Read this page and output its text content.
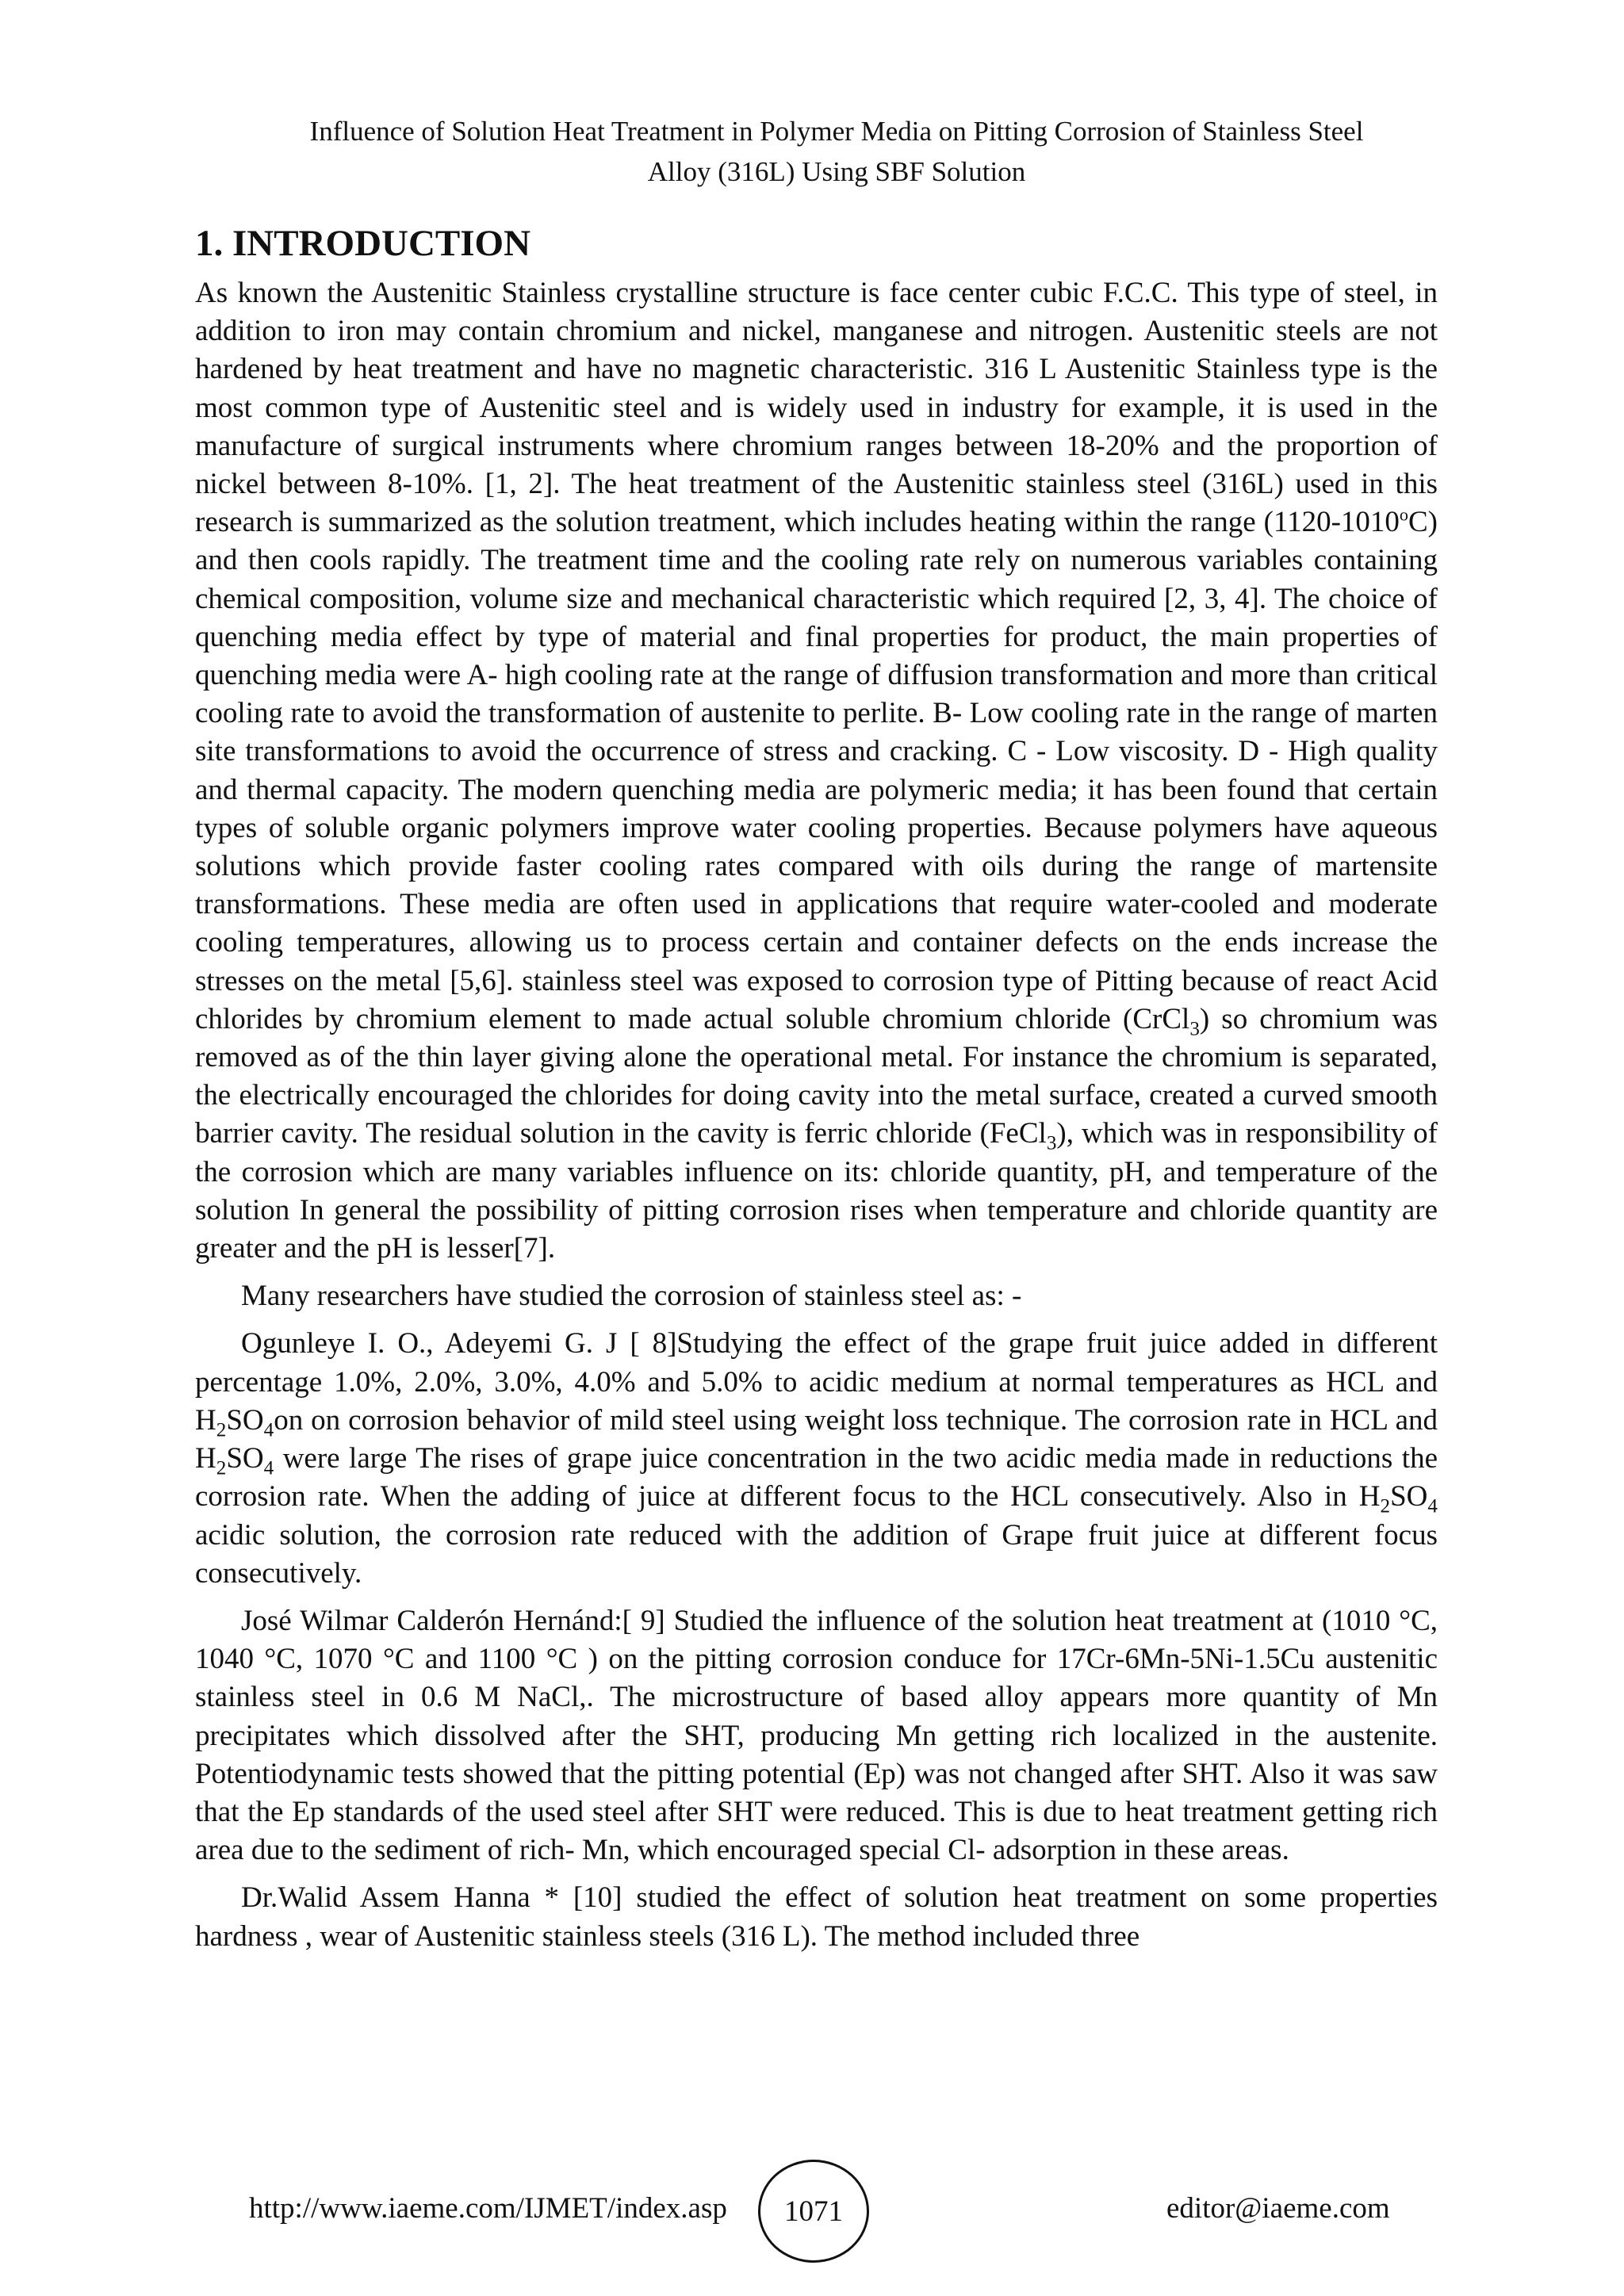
Influence of Solution Heat Treatment in Polymer Media on Pitting Corrosion of Stainless Steel
Alloy (316L) Using SBF Solution
1. INTRODUCTION

As known the Austenitic Stainless crystalline structure is face center cubic F.C.C. This type of steel, in addition to iron may contain chromium and nickel, manganese and nitrogen. Austenitic steels are not hardened by heat treatment and have no magnetic characteristic. 316 L Austenitic Stainless type is the most common type of Austenitic steel and is widely used in industry for example, it is used in the manufacture of surgical instruments where chromium ranges between 18-20% and the proportion of nickel between 8-10%. [1, 2]. The heat treatment of the Austenitic stainless steel (316L) used in this research is summarized as the solution treatment, which includes heating within the range (1120-1010$^o$C) and then cools rapidly. The treatment time and the cooling rate rely on numerous variables containing chemical composition, volume size and mechanical characteristic which required [2, 3, 4]. The choice of quenching media effect by type of material and final properties for product, the main properties of quenching media were A- high cooling rate at the range of diffusion transformation and more than critical cooling rate to avoid the transformation of austenite to perlite. B- Low cooling rate in the range of marten site transformations to avoid the occurrence of stress and cracking. C - Low viscosity. D - High quality and thermal capacity. The modern quenching media are polymeric media; it has been found that certain types of soluble organic polymers improve water cooling properties. Because polymers have aqueous solutions which provide faster cooling rates compared with oils during the range of martensite transformations. These media are often used in applications that require water-cooled and moderate cooling temperatures, allowing us to process certain and container defects on the ends increase the stresses on the metal [5,6]. stainless steel was exposed to corrosion type of Pitting because of react Acid chlorides by chromium element to made actual soluble chromium chloride (CrCl$_3$) so chromium was removed as of the thin layer giving alone the operational metal. For instance the chromium is separated, the electrically encouraged the chlorides for doing cavity into the metal surface, created a curved smooth barrier cavity. The residual solution in the cavity is ferric chloride (FeCl$_3$), which was in responsibility of the corrosion which are many variables influence on its: chloride quantity, pH, and temperature of the solution In general the possibility of pitting corrosion rises when temperature and chloride quantity are greater and the pH is lesser[7].

Many researchers have studied the corrosion of stainless steel as: -

Ogunleye I. O., Adeyemi G. J [ 8]Studying the effect of the grape fruit juice added in different percentage 1.0%, 2.0%, 3.0%, 4.0% and 5.0% to acidic medium at normal temperatures as HCL and $H_2SO_4on$ on corrosion behavior of mild steel using weight loss technique. The corrosion rate in HCL and $H_2SO_4$ were large The rises of grape juice concentration in the two acidic media made in reductions the corrosion rate. When the adding of juice at different focus to the HCL consecutively. Also in $H_2SO_4$ acidic solution, the corrosion rate reduced with the addition of Grape fruit juice at different focus consecutively.

José Wilmar Calderón Hernánd:[ 9] Studied the influence of the solution heat treatment at (1010 °C, 1040 °C, 1070 °C and 1100 °C ) on the pitting corrosion conduce for 17Cr-6Mn-5Ni-1.5Cu austenitic stainless steel in 0.6 M NaCl,. The microstructure of based alloy appears more quantity of Mn precipitates which dissolved after the SHT, producing Mn getting rich localized in the austenite. Potentiodynamic tests showed that the pitting potential (Ep) was not changed after SHT. Also it was saw that the Ep standards of the used steel after SHT were reduced. This is due to heat treatment getting rich area due to the sediment of rich- Mn, which encouraged special Cl- adsorption in these areas.

Dr.Walid Assem Hanna * [10] studied the effect of solution heat treatment on some properties hardness , wear of Austenitic stainless steels (316 L). The method included three

http://www.iaeme.com/IJMET/index.asp 1071	editor@iaeme.com
